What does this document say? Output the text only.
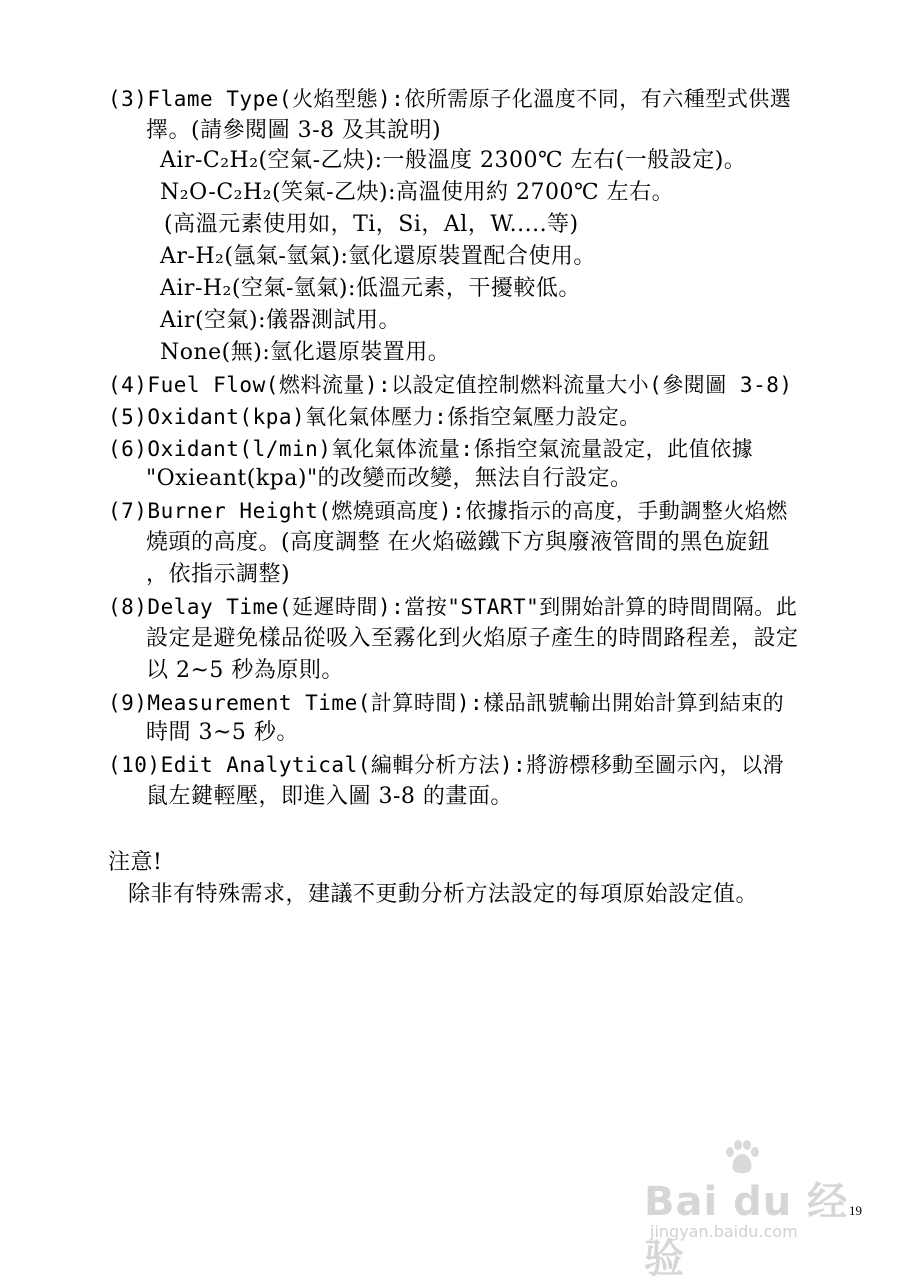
(3)Flame Type(火焰型態):依所需原子化溫度不同，有六種型式供選
擇。(請參閱圖 3-8 及其說明)
Air-C₂H₂(空氣-乙炔):一般溫度 2300℃ 左右(一般設定)。
N₂O-C₂H₂(笑氣-乙炔):高溫使用約 2700℃ 左右。
(高溫元素使用如，Ti，Si，Al，W.....等)
Ar-H₂(氬氣-氫氣):氫化還原裝置配合使用。
Air-H₂(空氣-氫氣):低溫元素，干擾較低。
Air(空氣):儀器測試用。
None(無):氫化還原裝置用。
(4)Fuel Flow(燃料流量):以設定值控制燃料流量大小(參閱圖 3-8)
(5)Oxidant(kpa)氧化氣体壓力:係指空氣壓力設定。
(6)Oxidant(l/min)氧化氣体流量:係指空氣流量設定，此值依據
"Oxieant(kpa)"的改變而改變，無法自行設定。
(7)Burner Height(燃燒頭高度):依據指示的高度，手動調整火焰燃
燒頭的高度。(高度調整 在火焰磁鐵下方與廢液管間的黑色旋鈕
，依指示調整)
(8)Delay Time(延遲時間):當按"START"到開始計算的時間間隔。此
設定是避免樣品從吸入至霧化到火焰原子產生的時間路程差，設定
以 2~5 秒為原則。
(9)Measurement Time(計算時間):樣品訊號輸出開始計算到結束的
時間 3~5 秒。
(10)Edit Analytical(編輯分析方法):將游標移動至圖示內，以滑
鼠左鍵輕壓，即進入圖 3-8 的畫面。
注意!
除非有特殊需求，建議不更動分析方法設定的每項原始設定值。
Bai du 经验
jingyan.baidu.com
19
